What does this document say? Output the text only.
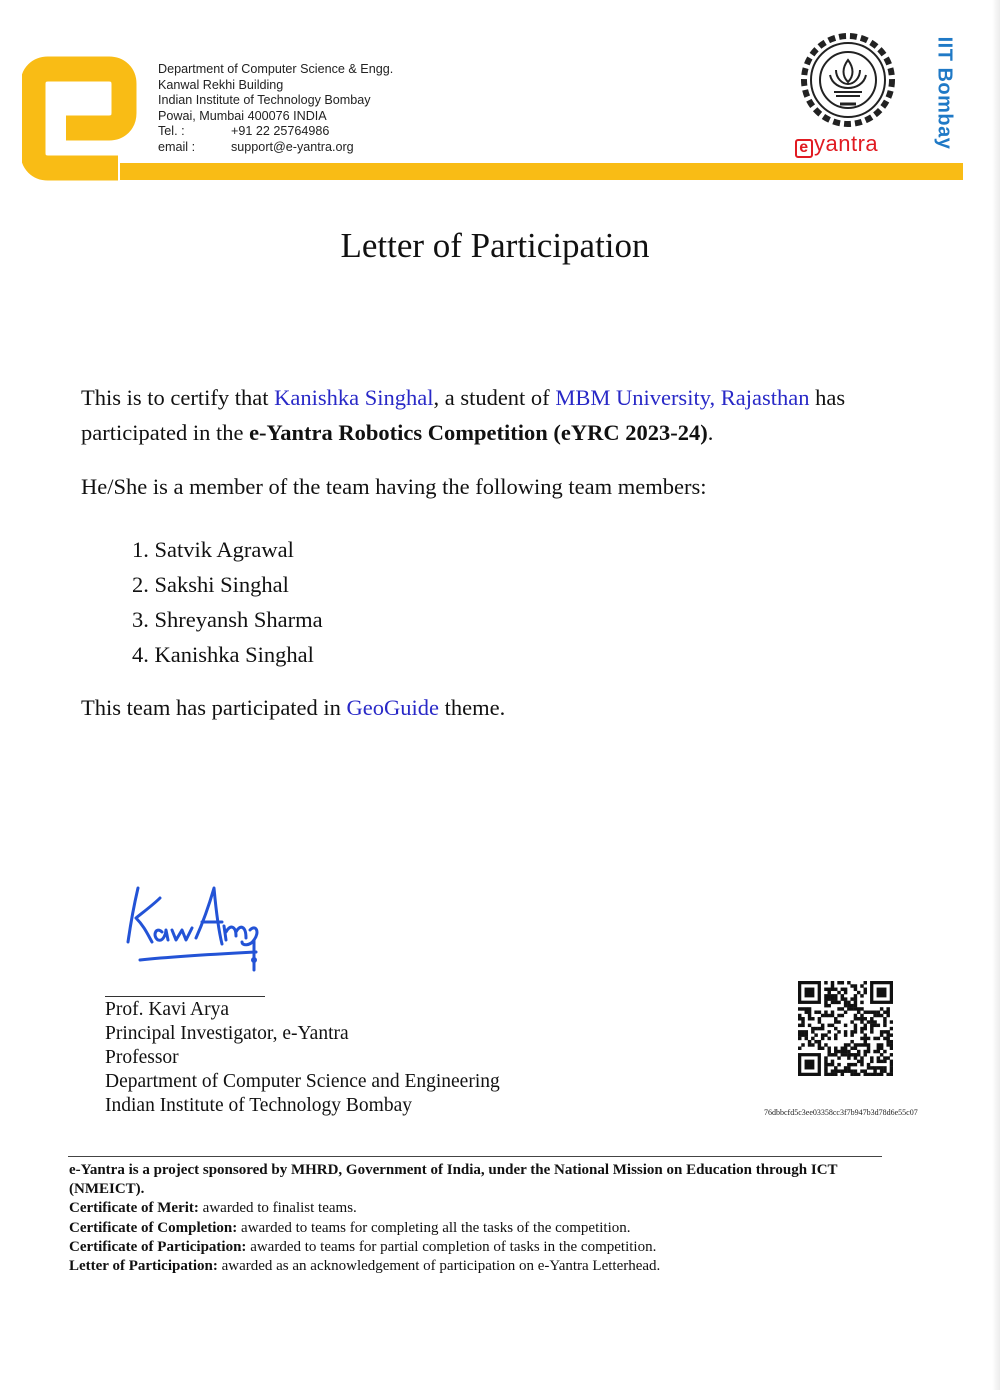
Department of Computer Science & Engg.
Kanwal Rekhi Building
Indian Institute of Technology Bombay
Powai, Mumbai 400076 INDIA
Tel. :	+91 22 25764986
email :	support@e-yantra.org	e yantra	IIT Bombay
Letter of Participation
This is to certify that Kanishka Singhal, a student of MBM University, Rajasthan has participated in the e-Yantra Robotics Competition (eYRC 2023-24).
He/She is a member of the team having the following team members:
1. Satvik Agrawal
2. Sakshi Singhal
3. Shreyansh Sharma
4. Kanishka Singhal
This team has participated in GeoGuide theme.
Prof. Kavi Arya
Principal Investigator, e-Yantra
Professor
Department of Computer Science and Engineering
Indian Institute of Technology Bombay	76dbbcfd5c3ee03358cc3f7b947b3d78d6e55c07
e-Yantra is a project sponsored by MHRD, Government of India, under the National Mission on Education through ICT (NMEICT).
Certificate of Merit: awarded to finalist teams.
Certificate of Completion: awarded to teams for completing all the tasks of the competition.
Certificate of Participation: awarded to teams for partial completion of tasks in the competition.
Letter of Participation: awarded as an acknowledgement of participation on e-Yantra Letterhead.
